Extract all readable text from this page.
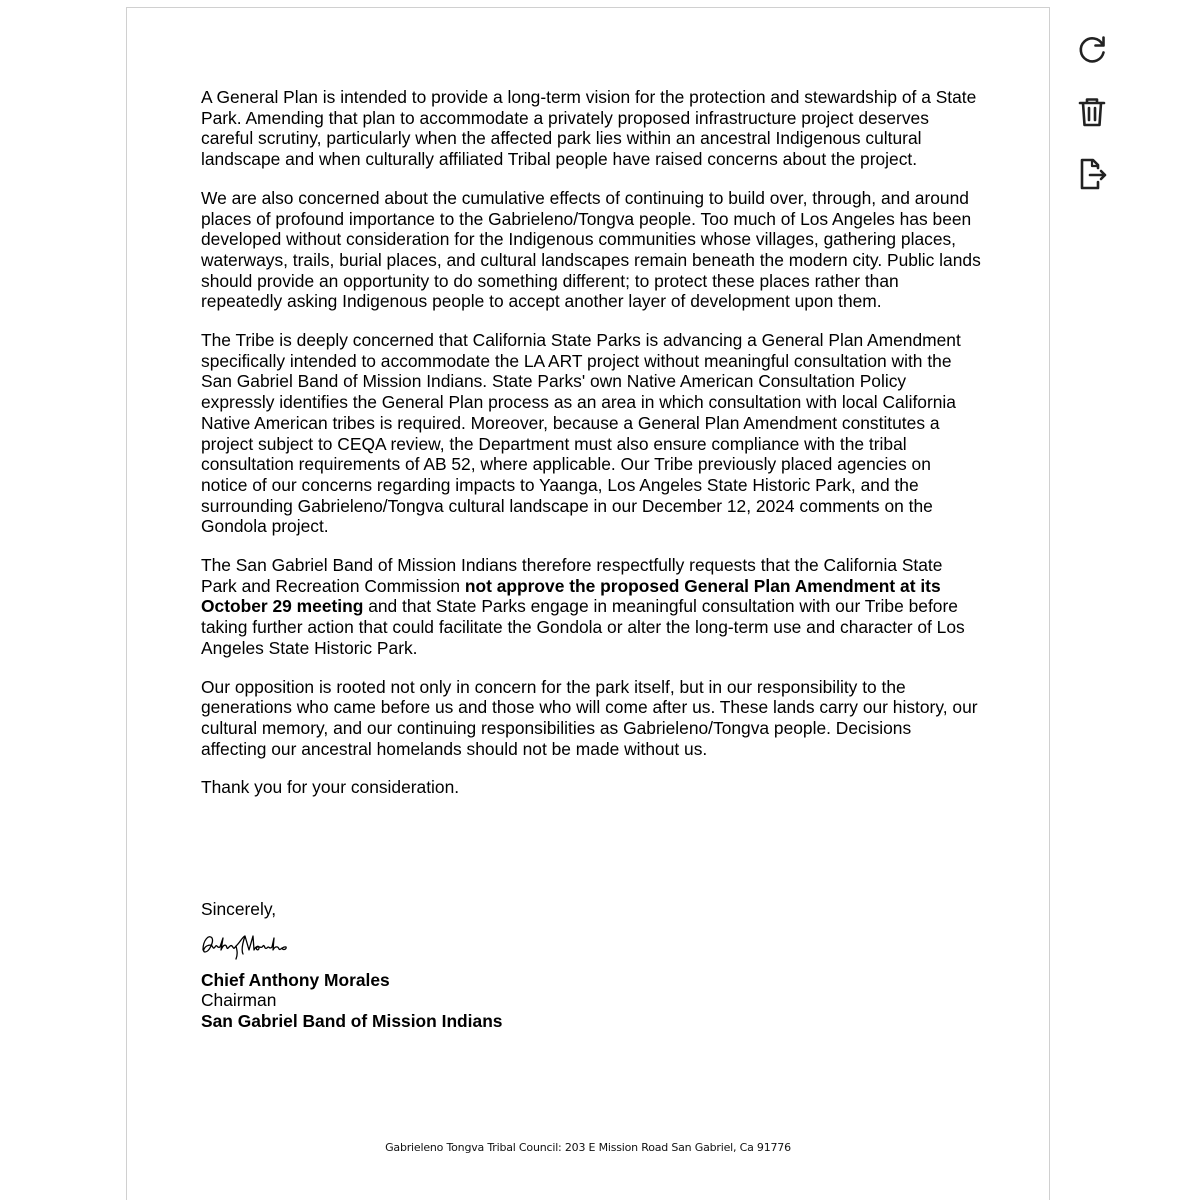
A General Plan is intended to provide a long-term vision for the protection and stewardship of a State Park. Amending that plan to accommodate a privately proposed infrastructure project deserves careful scrutiny, particularly when the affected park lies within an ancestral Indigenous cultural landscape and when culturally affiliated Tribal people have raised concerns about the project.

We are also concerned about the cumulative effects of continuing to build over, through, and around places of profound importance to the Gabrieleno/Tongva people. Too much of Los Angeles has been developed without consideration for the Indigenous communities whose villages, gathering places, waterways, trails, burial places, and cultural landscapes remain beneath the modern city. Public lands should provide an opportunity to do something different; to protect these places rather than repeatedly asking Indigenous people to accept another layer of development upon them.

The Tribe is deeply concerned that California State Parks is advancing a General Plan Amendment specifically intended to accommodate the LA ART project without meaningful consultation with the San Gabriel Band of Mission Indians. State Parks' own Native American Consultation Policy expressly identifies the General Plan process as an area in which consultation with local California Native American tribes is required. Moreover, because a General Plan Amendment constitutes a project subject to CEQA review, the Department must also ensure compliance with the tribal consultation requirements of AB 52, where applicable. Our Tribe previously placed agencies on notice of our concerns regarding impacts to Yaanga, Los Angeles State Historic Park, and the surrounding Gabrieleno/Tongva cultural landscape in our December 12, 2024 comments on the Gondola project.

The San Gabriel Band of Mission Indians therefore respectfully requests that the California State Park and Recreation Commission not approve the proposed General Plan Amendment at its October 29 meeting and that State Parks engage in meaningful consultation with our Tribe before taking further action that could facilitate the Gondola or alter the long-term use and character of Los Angeles State Historic Park.

Our opposition is rooted not only in concern for the park itself, but in our responsibility to the generations who came before us and those who will come after us. These lands carry our history, our cultural memory, and our continuing responsibilities as Gabrieleno/Tongva people. Decisions affecting our ancestral homelands should not be made without us.

Thank you for your consideration.

Sincerely,
Chief Anthony Morales
Chairman
San Gabriel Band of Mission Indians
Gabrieleno Tongva Tribal Council: 203 E Mission Road San Gabriel, Ca 91776
